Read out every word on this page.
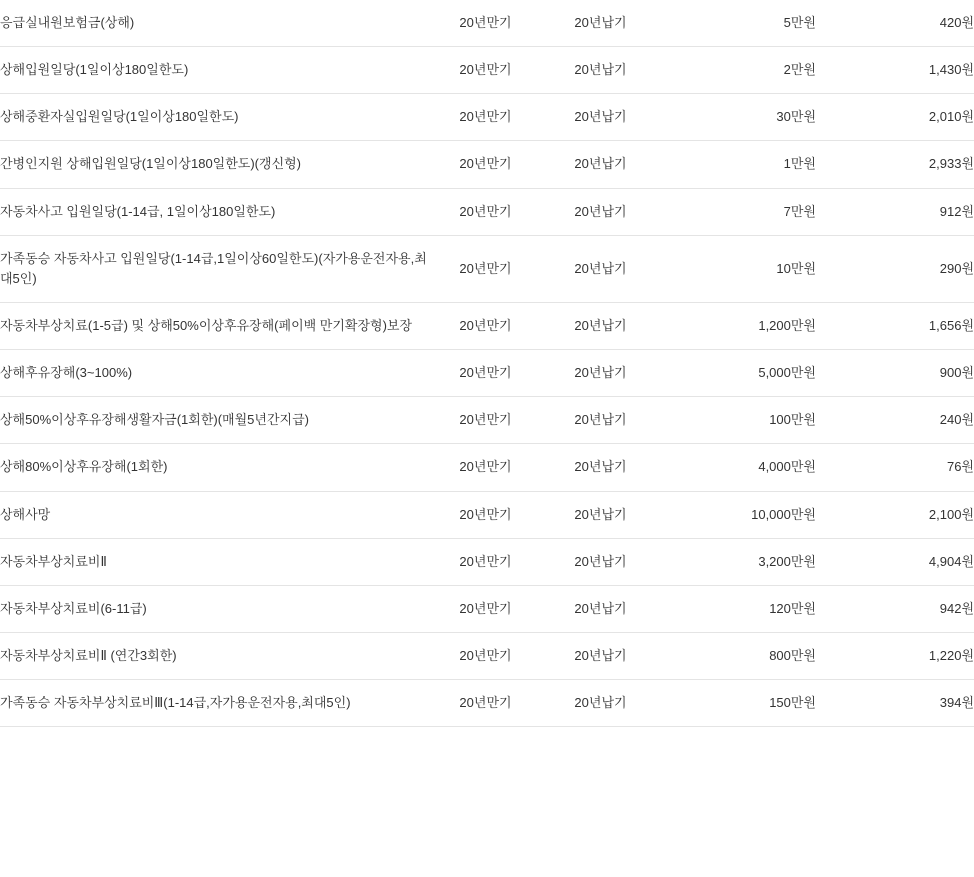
응급실내원보험금(상해)	20년만기	20년납기	5만원	420원
상해입원일당(1일이상180일한도)	20년만기	20년납기	2만원	1,430원
상해중환자실입원일당(1일이상180일한도)	20년만기	20년납기	30만원	2,010원
간병인지원 상해입원일당(1일이상180일한도)(갱신형)	20년만기	20년납기	1만원	2,933원
자동차사고 입원일당(1-14급, 1일이상180일한도)	20년만기	20년납기	7만원	912원
가족동승 자동차사고 입원일당(1-14급,1일이상60일한도)(자가용운전자용,최대5인)	20년만기	20년납기	10만원	290원
자동차부상치료(1-5급) 및 상해50%이상후유장해(페이백 만기확장형)보장	20년만기	20년납기	1,200만원	1,656원
상해후유장해(3~100%)	20년만기	20년납기	5,000만원	900원
상해50%이상후유장해생활자금(1회한)(매월5년간지급)	20년만기	20년납기	100만원	240원
상해80%이상후유장해(1회한)	20년만기	20년납기	4,000만원	76원
상해사망	20년만기	20년납기	10,000만원	2,100원
자동차부상치료비Ⅱ	20년만기	20년납기	3,200만원	4,904원
자동차부상치료비(6-11급)	20년만기	20년납기	120만원	942원
자동차부상치료비Ⅱ (연간3회한)	20년만기	20년납기	800만원	1,220원
가족동승 자동차부상치료비Ⅲ(1-14급,자가용운전자용,최대5인)	20년만기	20년납기	150만원	394원
